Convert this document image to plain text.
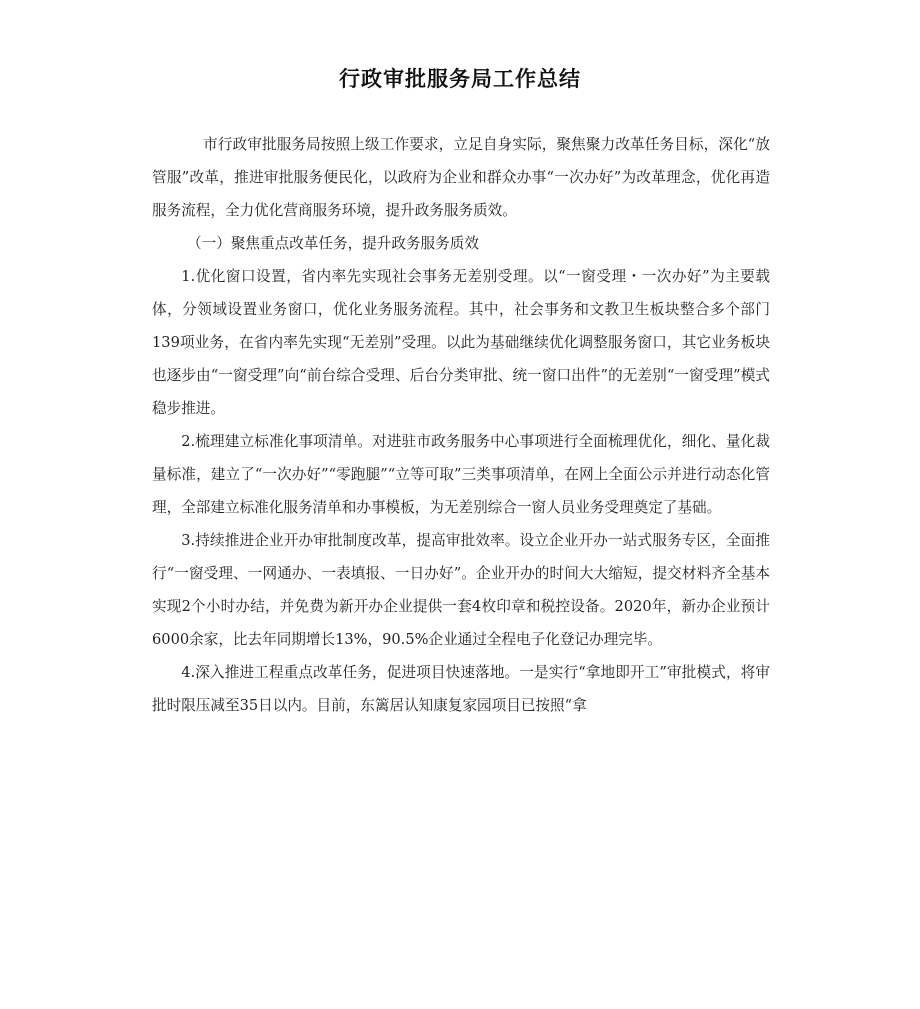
行政审批服务局工作总结

市行政审批服务局按照上级工作要求，立足自身实际，聚焦聚力改革任务目标，深化“放管服”改革，推进审批服务便民化，以政府为企业和群众办事“一次办好”为改革理念，优化再造服务流程，全力优化营商服务环境，提升政务服务质效。

（一）聚焦重点改革任务，提升政务服务质效

1.优化窗口设置，省内率先实现社会事务无差别受理。以“一窗受理・一次办好”为主要载体，分领域设置业务窗口，优化业务服务流程。其中，社会事务和文教卫生板块整合多个部门139项业务，在省内率先实现“无差别”受理。以此为基础继续优化调整服务窗口，其它业务板块也逐步由“一窗受理”向“前台综合受理、后台分类审批、统一窗口出件”的无差别“一窗受理”模式稳步推进。

2.梳理建立标准化事项清单。对进驻市政务服务中心事项进行全面梳理优化，细化、量化裁量标准，建立了“一次办好”“零跑腿”“立等可取”三类事项清单，在网上全面公示并进行动态化管理，全部建立标准化服务清单和办事模板，为无差别综合一窗人员业务受理奠定了基础。

3.持续推进企业开办审批制度改革，提高审批效率。设立企业开办一站式服务专区，全面推行“一窗受理、一网通办、一表填报、一日办好”。企业开办的时间大大缩短，提交材料齐全基本实现2个小时办结，并免费为新开办企业提供一套4枚印章和税控设备。2020年，新办企业预计6000余家，比去年同期增长13%，90.5%企业通过全程电子化登记办理完毕。

4.深入推进工程重点改革任务，促进项目快速落地。一是实行“拿地即开工”审批模式，将审批时限压减至35日以内。目前，东篱居认知康复家园项目已按照“拿
